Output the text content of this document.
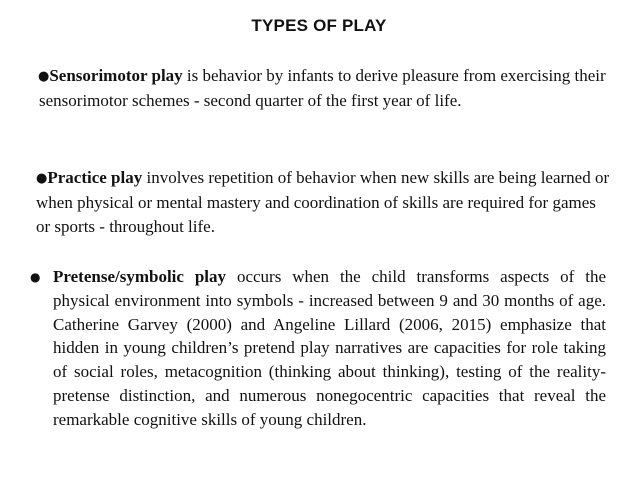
TYPES OF PLAY
●Sensorimotor play is behavior by infants to derive pleasure from exercising their sensorimotor schemes - second quarter of the first year of life.
●Practice play involves repetition of behavior when new skills are being learned or when physical or mental mastery and coordination of skills are required for games or sports - throughout life.
● Pretense/symbolic play occurs when the child transforms aspects of the physical environment into symbols - increased between 9 and 30 months of age. Catherine Garvey (2000) and Angeline Lillard (2006, 2015) emphasize that hidden in young children’s pretend play narratives are capacities for role taking of social roles, metacognition (thinking about thinking), testing of the reality-pretense distinction, and numerous nonegocentric capacities that reveal the remarkable cognitive skills of young children.
